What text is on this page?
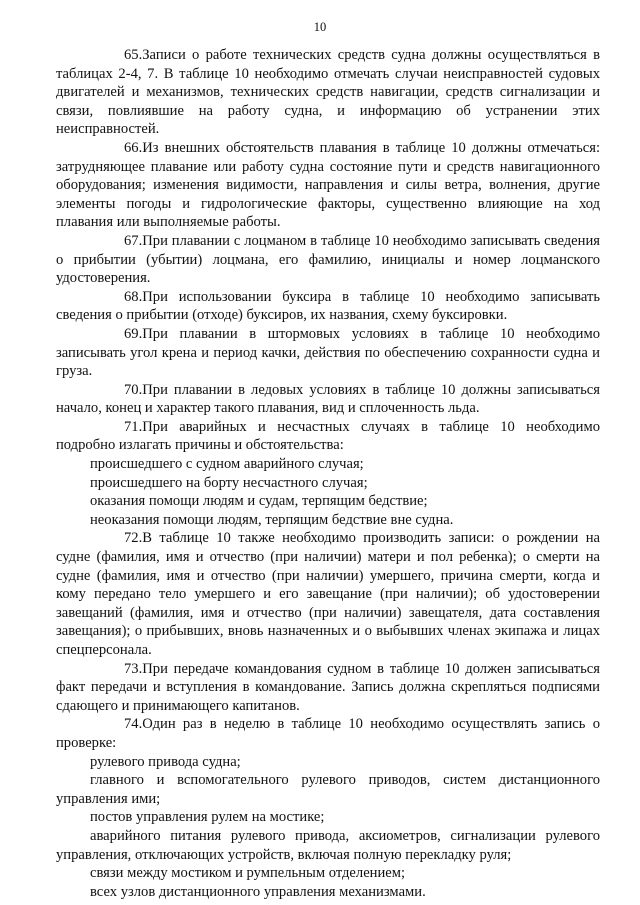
10

65.Записи о работе технических средств судна должны осуществляться в таблицах 2-4, 7. В таблице 10 необходимо отмечать случаи неисправностей судовых двигателей и механизмов, технических средств навигации, средств сигнализации и связи, повлиявшие на работу судна, и информацию об устранении этих неисправностей.

66.Из внешних обстоятельств плавания в таблице 10 должны отмечаться: затрудняющее плавание или работу судна состояние пути и средств навигационного оборудования; изменения видимости, направления и силы ветра, волнения, другие элементы погоды и гидрологические факторы, существенно влияющие на ход плавания или выполняемые работы.

67.При плавании с лоцманом в таблице 10 необходимо записывать сведения о прибытии (убытии) лоцмана, его фамилию, инициалы и номер лоцманского удостоверения.

68.При использовании буксира в таблице 10 необходимо записывать сведения о прибытии (отходе) буксиров, их названия, схему буксировки.

69.При плавании в штормовых условиях в таблице 10 необходимо записывать угол крена и период качки, действия по обеспечению сохранности судна и груза.

70.При плавании в ледовых условиях в таблице 10 должны записываться начало, конец и характер такого плавания, вид и сплоченность льда.

71.При аварийных и несчастных случаях в таблице 10 необходимо подробно излагать причины и обстоятельства:

происшедшего с судном аварийного случая;

происшедшего на борту несчастного случая;

оказания помощи людям и судам, терпящим бедствие;

неоказания помощи людям, терпящим бедствие вне судна.

72.В таблице 10 также необходимо производить записи: о рождении на судне (фамилия, имя и отчество (при наличии) матери и пол ребенка); о смерти на судне (фамилия, имя и отчество (при наличии) умершего, причина смерти, когда и кому передано тело умершего и его завещание (при наличии); об удостоверении завещаний (фамилия, имя и отчество (при наличии) завещателя, дата составления завещания); о прибывших, вновь назначенных и о выбывших членах экипажа и лицах спецперсонала.

73.При передаче командования судном в таблице 10 должен записываться факт передачи и вступления в командование. Запись должна скрепляться подписями сдающего и принимающего капитанов.

74.Один раз в неделю в таблице 10 необходимо осуществлять запись о проверке:

рулевого привода судна;

главного и вспомогательного рулевого приводов, систем дистанционного управления ими;

постов управления рулем на мостике;

аварийного питания рулевого привода, аксиометров, сигнализации рулевого управления, отключающих устройств, включая полную перекладку руля;

связи между мостиком и румпельным отделением;

всех узлов дистанционного управления механизмами.
